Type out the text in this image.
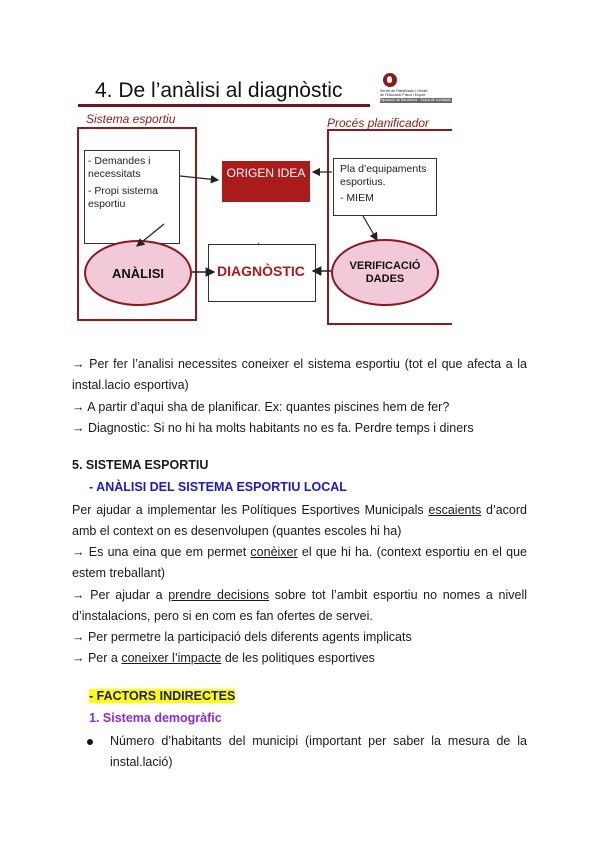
4. De l’anàlisi al diagnòstic	Servei de Planificació i Gestió
de l’Educació Física i Esport
Diputació de Barcelona · Xarxa de municipis
Sistema esportiu	Procés planificador
- Demandes i necessitats
- Propi sistema esportiu
ORIGEN IDEA	Pla d’equipaments esportius.
- MIEM
ANÀLISI	VERIFICACIÓ DADES
.
DIAGNÒSTIC
→ Per fer l’analisi necessites coneixer el sistema esportiu (tot el que afecta a la
instal.lacio esportiva)
→ A partir d’aqui sha de planificar. Ex: quantes piscines hem de fer?
→ Diagnostic: Si no hi ha molts habitants no es fa. Perdre temps i diners
5. SISTEMA ESPORTIU
- ANÀLISI DEL SISTEMA ESPORTIU LOCAL
Per ajudar a implementar les Polítiques Esportives Municipals escaients d’acord
amb el context on es desenvolupen (quantes escoles hi ha)
→ Es una eina que em permet conèixer el que hi ha. (context esportiu en el que
estem treballant)
→ Per ajudar a prendre decisions sobre tot l’ambit esportiu no nomes a nivell
d’instalacions, pero si en com es fan ofertes de servei.
→ Per permetre la participació dels diferents agents implicats
→ Per a coneixer l’impacte de les politiques esportives
- FACTORS INDIRECTES
1. Sistema demogràfic
Número d’habitants del municipi (important per saber la mesura de la
instal.lació)
